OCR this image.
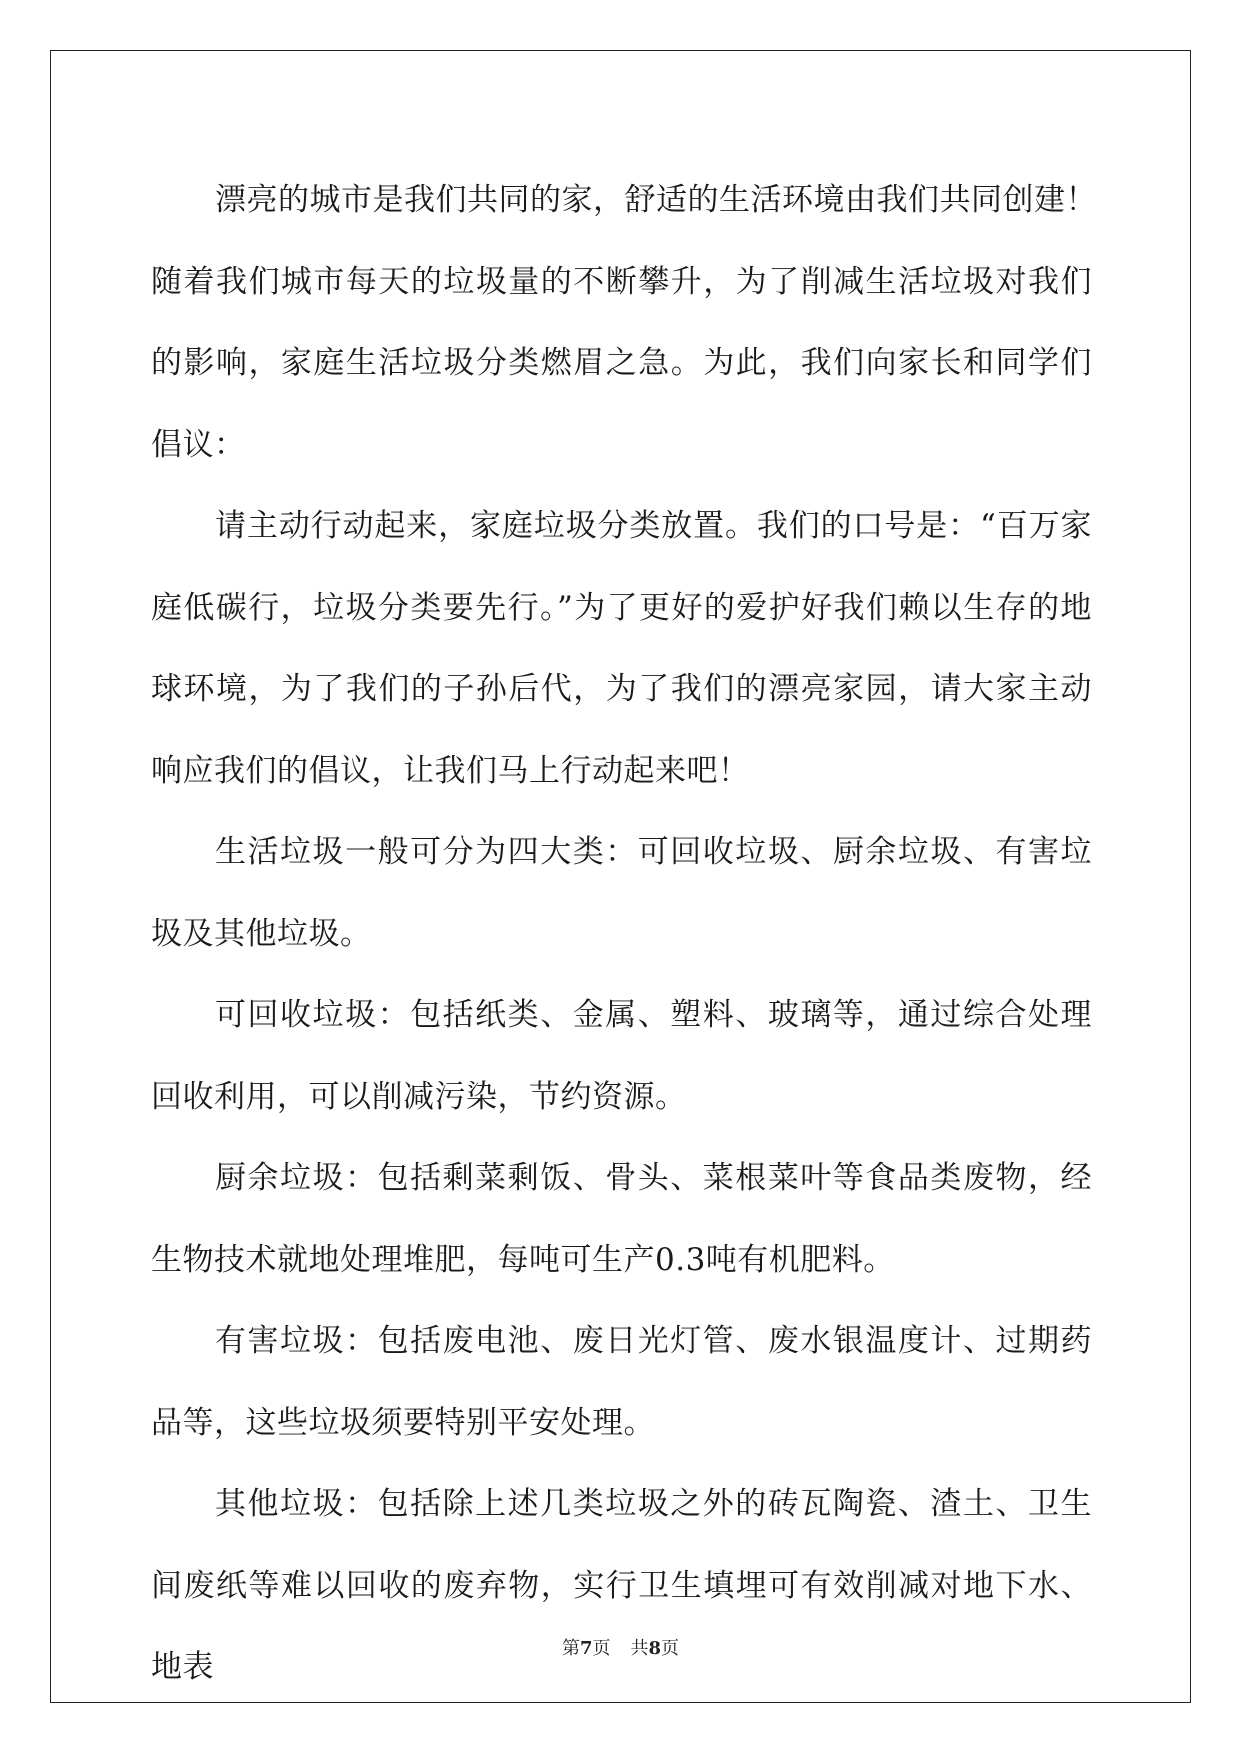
漂亮的城市是我们共同的家，舒适的生活环境由我们共同创建！随着我们城市每天的垃圾量的不断攀升，为了削减生活垃圾对我们的影响，家庭生活垃圾分类燃眉之急。为此，我们向家长和同学们倡议：
请主动行动起来，家庭垃圾分类放置。我们的口号是：“百万家庭低碳行，垃圾分类要先行。”为了更好的爱护好我们赖以生存的地球环境，为了我们的子孙后代，为了我们的漂亮家园，请大家主动响应我们的倡议，让我们马上行动起来吧！
生活垃圾一般可分为四大类：可回收垃圾、厨余垃圾、有害垃圾及其他垃圾。
可回收垃圾：包括纸类、金属、塑料、玻璃等，通过综合处理回收利用，可以削减污染，节约资源。
厨余垃圾：包括剩菜剩饭、骨头、菜根菜叶等食品类废物，经生物技术就地处理堆肥，每吨可生产0.3吨有机肥料。
有害垃圾：包括废电池、废日光灯管、废水银温度计、过期药品等，这些垃圾须要特别平安处理。
其他垃圾：包括除上述几类垃圾之外的砖瓦陶瓷、渣土、卫生间废纸等难以回收的废弃物，实行卫生填埋可有效削减对地下水、地表
第7页 共8页
